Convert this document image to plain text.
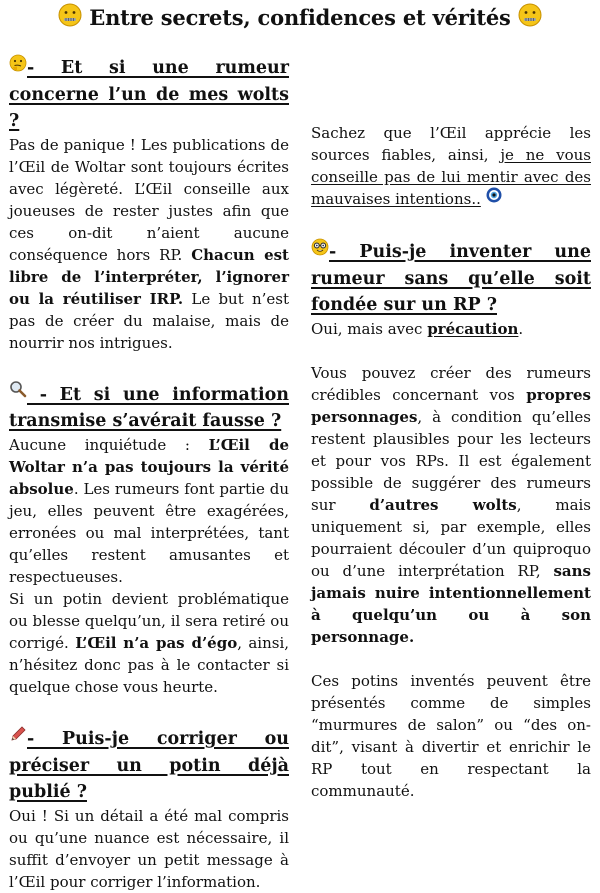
Entre secrets, confidences et vérités
- Et si une rumeur concerne l’un de mes wolts ?

Pas de panique ! Les publications de l’Œil de Woltar sont toujours écrites avec légèreté. L’Œil conseille aux joueuses de rester justes afin que ces on-dit n’aient aucune conséquence hors RP. Chacun est libre de l’interpréter, l’ignorer ou la réutiliser IRP. Le but n’est pas de créer du malaise, mais de nourrir nos intrigues.

- Et si une information transmise s’avérait fausse ?

Aucune inquiétude : L’Œil de Woltar n’a pas toujours la vérité absolue. Les rumeurs font partie du jeu, elles peuvent être exagérées, erronées ou mal interprétées, tant qu’elles restent amusantes et respectueuses.

Si un potin devient problématique ou blesse quelqu’un, il sera retiré ou corrigé. L’Œil n’a pas d’égo, ainsi, n’hésitez donc pas à le contacter si quelque chose vous heurte.

- Puis-je corriger ou préciser un potin déjà publié ?

Oui ! Si un détail a été mal compris ou qu’une nuance est nécessaire, il suffit d’envoyer un petit message à l’Œil pour corriger l’information.

Sachez que l’Œil apprécie les sources fiables, ainsi, je ne vous conseille pas de lui mentir avec des mauvaises intentions..

- Puis-je inventer une rumeur sans qu’elle soit fondée sur un RP ?

Oui, mais avec précaution.

Vous pouvez créer des rumeurs crédibles concernant vos propres personnages, à condition qu’elles restent plausibles pour les lecteurs et pour vos RPs. Il est également possible de suggérer des rumeurs sur d’autres wolts, mais uniquement si, par exemple, elles pourraient découler d’un quiproquo ou d’une interprétation RP, sans jamais nuire intentionnellement à quelqu’un ou à son personnage.

Ces potins inventés peuvent être présentés comme de simples “murmures de salon” ou “des on-dit”, visant à divertir et enrichir le RP tout en respectant la communauté.
